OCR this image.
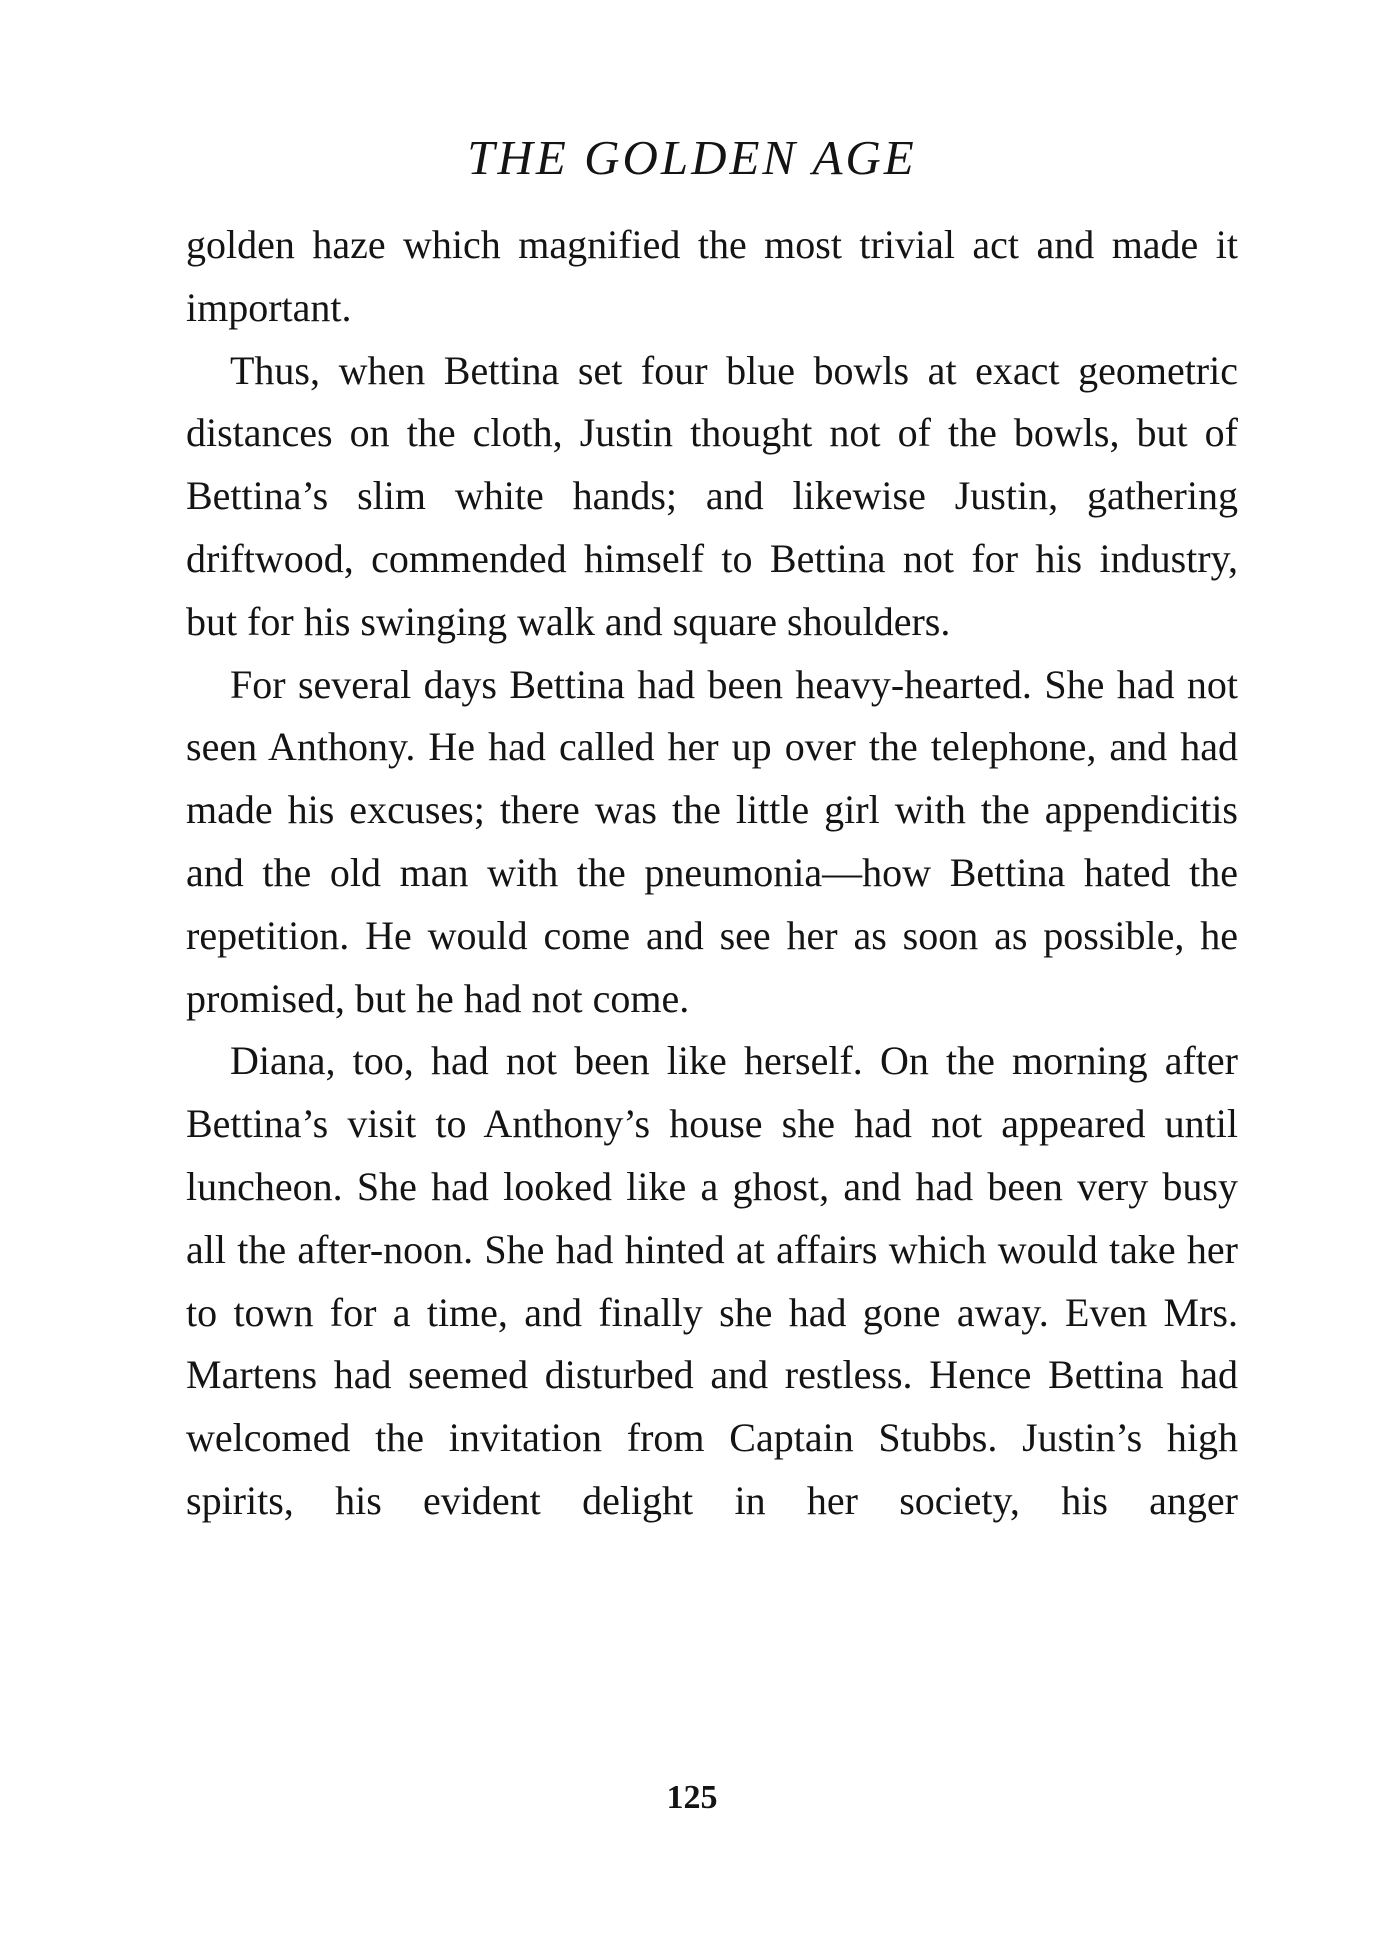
THE GOLDEN AGE

golden haze which magnified the most trivial act and made it important.

Thus, when Bettina set four blue bowls at exact geometric distances on the cloth, Justin thought not of the bowls, but of Bettina’s slim white hands; and likewise Justin, gathering driftwood, commended himself to Bettina not for his industry, but for his swinging walk and square shoulders.

For several days Bettina had been heavy-hearted. She had not seen Anthony. He had called her up over the telephone, and had made his excuses; there was the little girl with the appendicitis and the old man with the pneumonia—how Bettina hated the repetition. He would come and see her as soon as possible, he promised, but he had not come.

Diana, too, had not been like herself. On the morning after Bettina’s visit to Anthony’s house she had not appeared until luncheon. She had looked like a ghost, and had been very busy all the after-noon. She had hinted at affairs which would take her to town for a time, and finally she had gone away. Even Mrs. Martens had seemed disturbed and restless. Hence Bettina had welcomed the invitation from Captain Stubbs. Justin’s high spirits, his evident delight in her society, his anger

125
